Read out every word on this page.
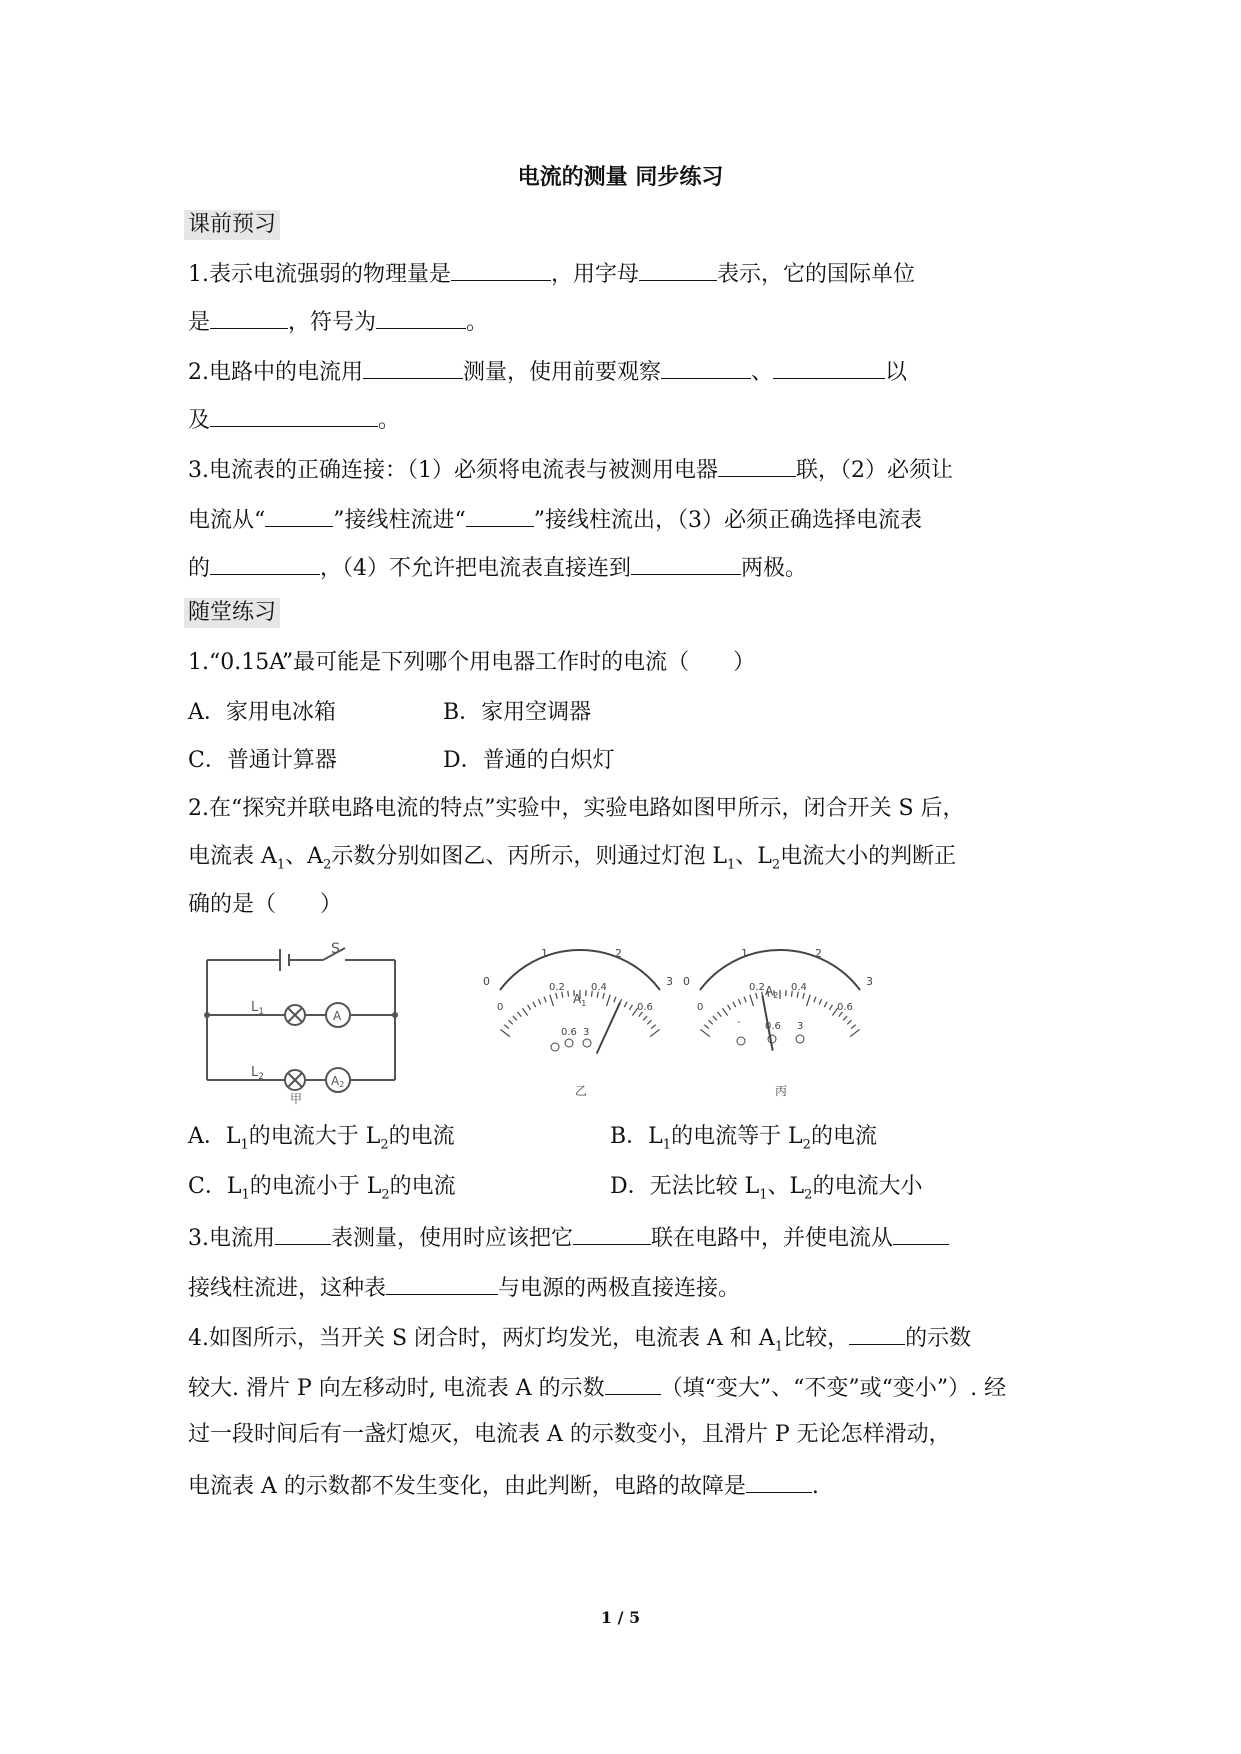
电流的测量 同步练习
课前预习
1.表示电流强弱的物理量是	，用字母	表示，它的国际单位
是	，符号为	。
2.电路中的电流用	测量，使用前要观察	、	以
及	。
3.电流表的正确连接：（1）必须将电流表与被测用电器	联，（2）必须让
电流从“	”接线柱流进“	”接线柱流出，（3）必须正确选择电流表
的	，（4）不允许把电流表直接连到	两极。
随堂练习
1.“0.15A”最可能是下列哪个用电器工作时的电流（　　）
A．家用电冰箱	B．家用空调器
C．普通计算器	D．普通的白炽灯
2.在“探究并联电路电流的特点”实验中，实验电路如图甲所示，闭合开关 S 后，
电流表 $A_1$、$A_2$示数分别如图乙、丙所示，则通过灯泡 $L_1$、$L_2$电流大小的判断正
确的是（　　）
S
$L_1$
$L_2$
A
A2
甲
0
1	2
3
0
0.2	0.4
0.6
$A_1$
0.6 3
乙
0
1	2
3
0
0.2	0.4
0.6
$A_2$
- 0.6 3
丙
A．$L_1$的电流大于 $L_2$的电流	B．$L_1$的电流等于 $L_2$的电流
C．$L_1$的电流小于 $L_2$的电流	D．无法比较 $L_1$、$L_2$的电流大小
3.电流用	表测量，使用时应该把它	联在电路中，并使电流从
接线柱流进，这种表	与电源的两极直接连接。
4.如图所示，当开关 S 闭合时，两灯均发光，电流表 A 和 $A_1$比较，	的示数
较大. 滑片 P 向左移动时, 电流表 A 的示数	（填“变大”、“不变”或“变小”）. 经
过一段时间后有一盏灯熄灭，电流表 A 的示数变小，且滑片 P 无论怎样滑动，
电流表 A 的示数都不发生变化，由此判断，电路的故障是	.
1 / 5
